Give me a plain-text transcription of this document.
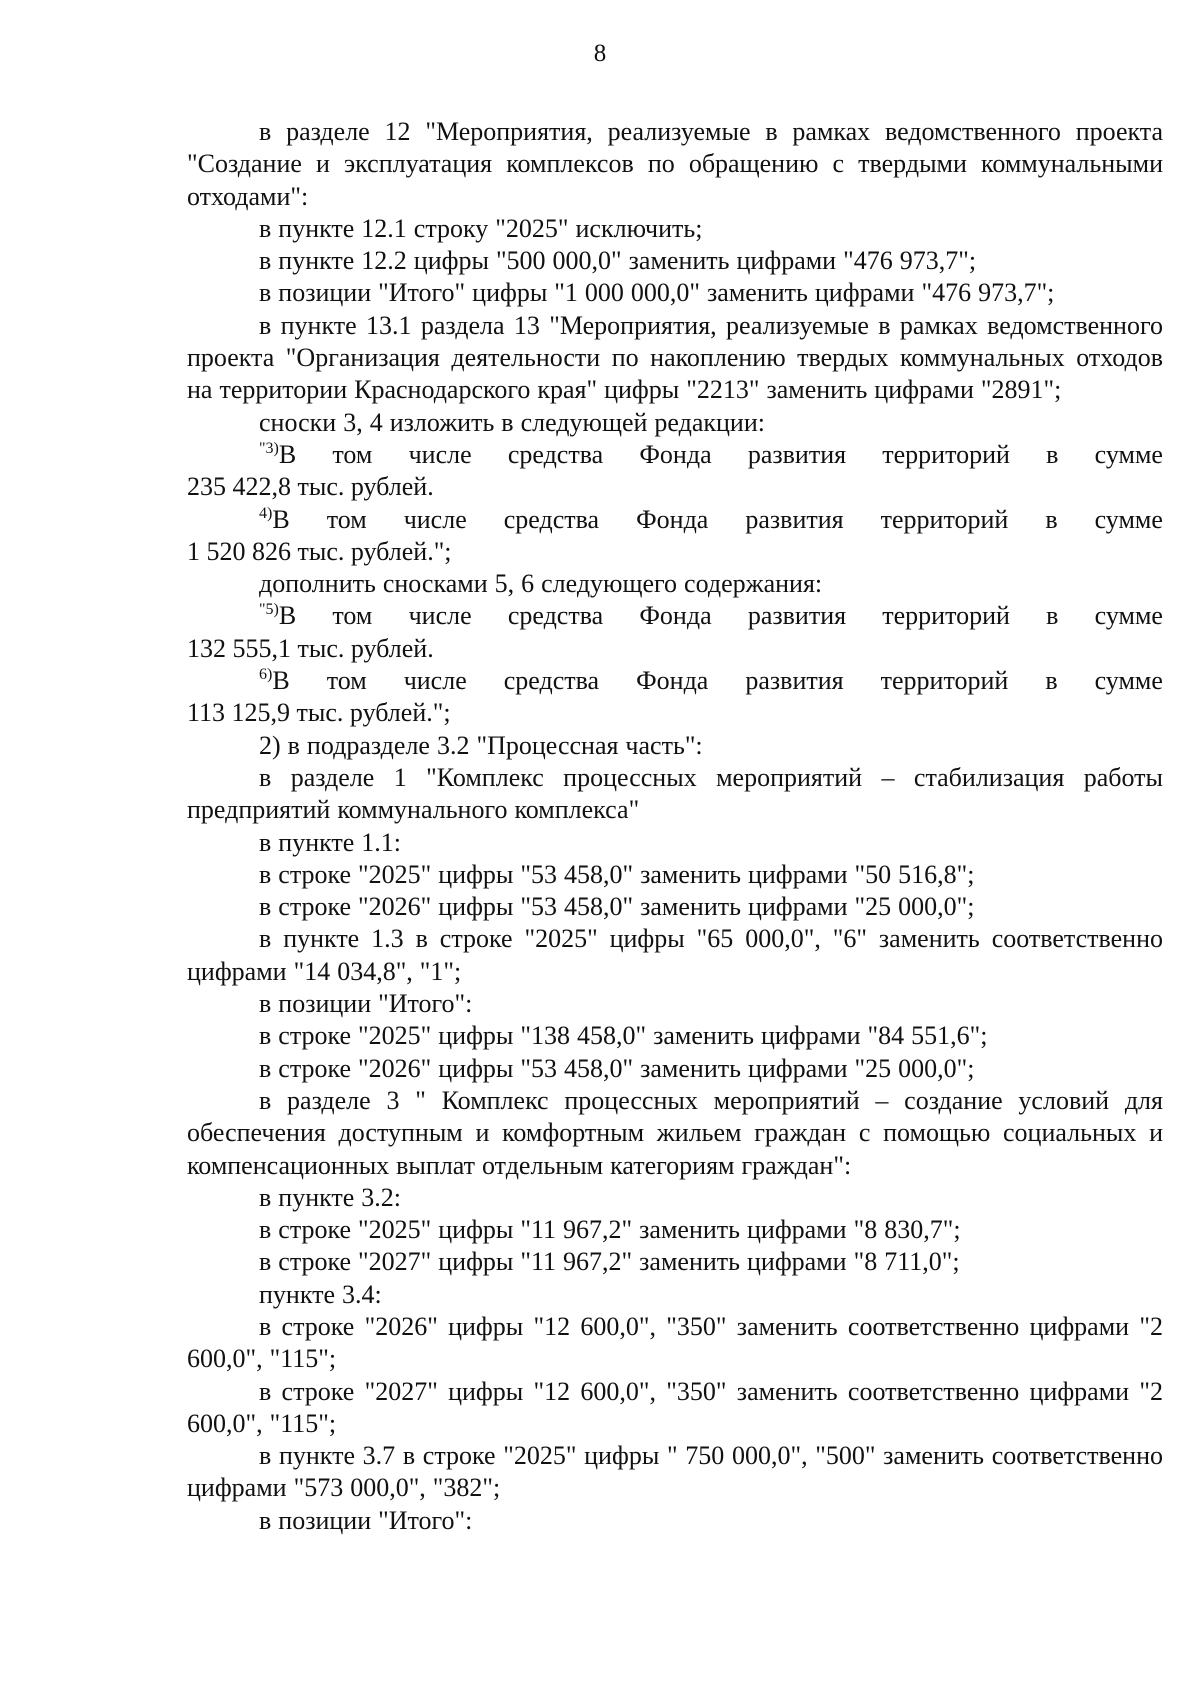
8

в разделе 12 "Мероприятия, реализуемые в рамках ведомственного проекта "Создание и эксплуатация комплексов по обращению с твердыми коммунальными отходами":

в пункте 12.1 строку "2025" исключить;

в пункте 12.2 цифры "500 000,0" заменить цифрами "476 973,7";

в позиции "Итого" цифры "1 000 000,0" заменить цифрами "476 973,7";

в пункте 13.1 раздела 13 "Мероприятия, реализуемые в рамках ведомственного проекта "Организация деятельности по накоплению твердых коммунальных отходов на территории Краснодарского края" цифры "2213" заменить цифрами "2891";

сноски 3, 4 изложить в следующей редакции:

$^{"3)}$В том числе средства Фонда развития территорий в сумме

235 422,8 тыс. рублей.

$^{4)}$В том числе средства Фонда развития территорий в сумме

1 520 826 тыс. рублей.";

дополнить сносками 5, 6 следующего содержания:

$^{"5)}$В том числе средства Фонда развития территорий в сумме

132 555,1 тыс. рублей.

$^{6)}$В том числе средства Фонда развития территорий в сумме

113 125,9 тыс. рублей.";

2) в подразделе 3.2 "Процессная часть":

в разделе 1 "Комплекс процессных мероприятий – стабилизация работы предприятий коммунального комплекса"

в пункте 1.1:

в строке "2025" цифры "53 458,0" заменить цифрами "50 516,8";

в строке "2026" цифры "53 458,0" заменить цифрами "25 000,0";

в пункте 1.3 в строке "2025" цифры "65 000,0", "6" заменить соответственно цифрами "14 034,8", "1";

в позиции "Итого":

в строке "2025" цифры "138 458,0" заменить цифрами "84 551,6";

в строке "2026" цифры "53 458,0" заменить цифрами "25 000,0";

в разделе 3 " Комплекс процессных мероприятий – создание условий для обеспечения доступным и комфортным жильем граждан с помощью социальных и компенсационных выплат отдельным категориям граждан":

в пункте 3.2:

в строке "2025" цифры "11 967,2" заменить цифрами "8 830,7";

в строке "2027" цифры "11 967,2" заменить цифрами "8 711,0";

пункте 3.4:

в строке "2026" цифры "12 600,0", "350" заменить соответственно цифрами "2 600,0", "115";

в строке "2027" цифры "12 600,0", "350" заменить соответственно цифрами "2 600,0", "115";

в пункте 3.7 в строке "2025" цифры " 750 000,0", "500" заменить соответственно цифрами "573 000,0", "382";

в позиции "Итого":
